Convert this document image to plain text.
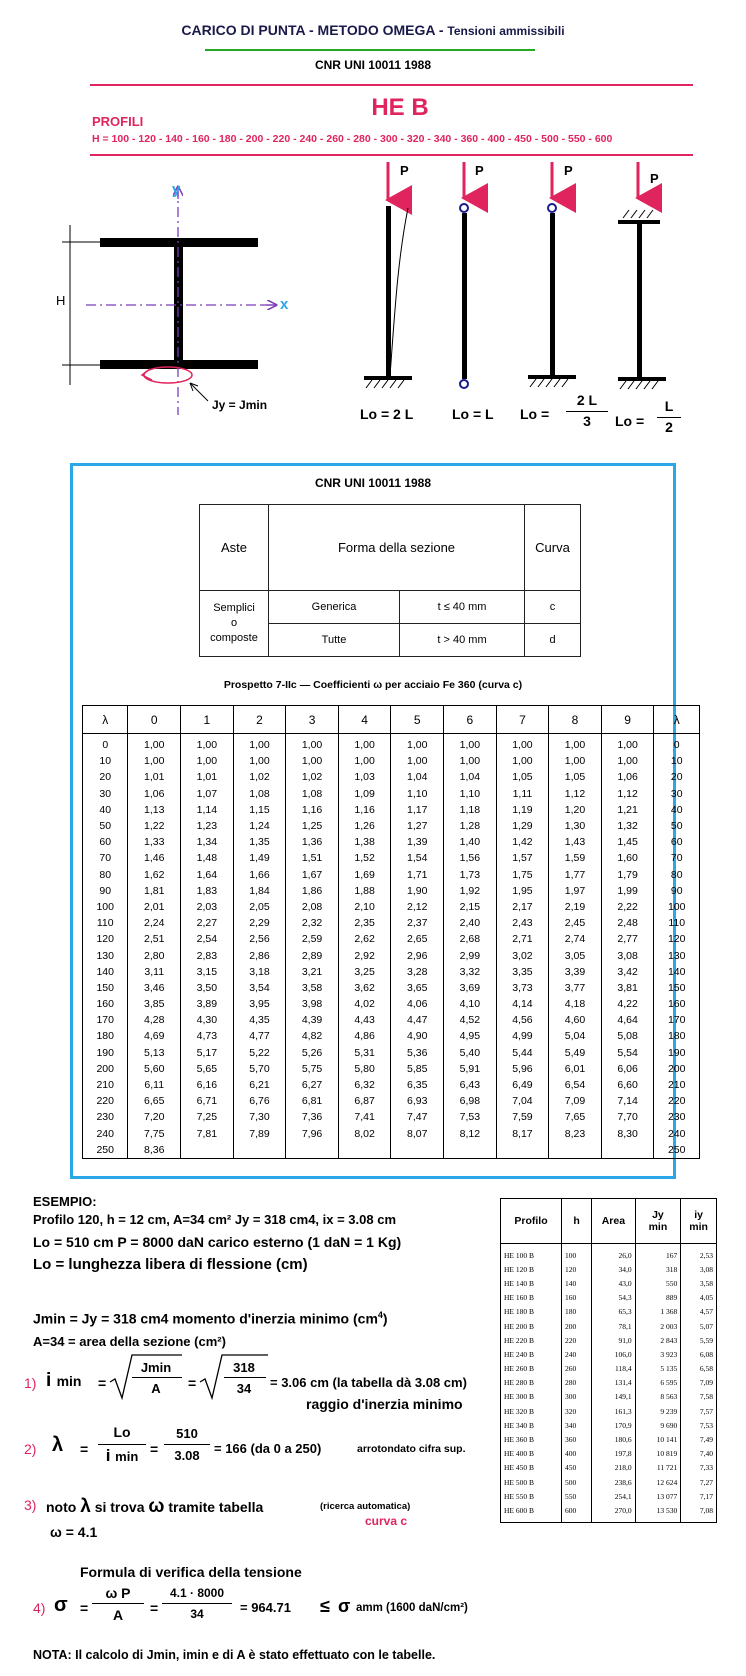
CARICO DI PUNTA - METODO OMEGA - Tensioni ammissibili
CNR UNI 10011 1988
HE B
PROFILI
H = 100 - 120 - 140 - 160 - 180 - 200 - 220 - 240 - 260 - 280 - 300 - 320 - 340 - 360 - 400 - 450 - 500 - 550 - 600
y
x
H
Jy = Jmin
P	P	P
P
Lo = 2 L	Lo = L Lo =
2 L
3	Lo =
L
2
CNR UNI 10011 1988
Aste	Forma della sezione		Curva
Semplici
o
composte	Generica	t ≤ 40 mm	c
	Tutte	t > 40 mm	d
Prospetto 7-IIc — Coefficienti ω per acciaio Fe 360 (curva c)
λ	0	1	2	3	4	5	6	7	8	9	λ
0	1,00	1,00	1,00	1,00	1,00	1,00	1,00	1,00	1,00	1,00	0
10	1,00	1,00	1,00	1,00	1,00	1,00	1,00	1,00	1,00	1,00	10
20	1,01	1,01	1,02	1,02	1,03	1,04	1,04	1,05	1,05	1,06	20
30	1,06	1,07	1,08	1,08	1,09	1,10	1,10	1,11	1,12	1,12	30
40	1,13	1,14	1,15	1,16	1,16	1,17	1,18	1,19	1,20	1,21	40
50	1,22	1,23	1,24	1,25	1,26	1,27	1,28	1,29	1,30	1,32	50
60	1,33	1,34	1,35	1,36	1,38	1,39	1,40	1,42	1,43	1,45	60
70	1,46	1,48	1,49	1,51	1,52	1,54	1,56	1,57	1,59	1,60	70
80	1,62	1,64	1,66	1,67	1,69	1,71	1,73	1,75	1,77	1,79	80
90	1,81	1,83	1,84	1,86	1,88	1,90	1,92	1,95	1,97	1,99	90
100	2,01	2,03	2,05	2,08	2,10	2,12	2,15	2,17	2,19	2,22	100
110	2,24	2,27	2,29	2,32	2,35	2,37	2,40	2,43	2,45	2,48	110
120	2,51	2,54	2,56	2,59	2,62	2,65	2,68	2,71	2,74	2,77	120
130	2,80	2,83	2,86	2,89	2,92	2,96	2,99	3,02	3,05	3,08	130
140	3,11	3,15	3,18	3,21	3,25	3,28	3,32	3,35	3,39	3,42	140
150	3,46	3,50	3,54	3,58	3,62	3,65	3,69	3,73	3,77	3,81	150
160	3,85	3,89	3,95	3,98	4,02	4,06	4,10	4,14	4,18	4,22	160
170	4,28	4,30	4,35	4,39	4,43	4,47	4,52	4,56	4,60	4,64	170
180	4,69	4,73	4,77	4,82	4,86	4,90	4,95	4,99	5,04	5,08	180
190	5,13	5,17	5,22	5,26	5,31	5,36	5,40	5,44	5,49	5,54	190
200	5,60	5,65	5,70	5,75	5,80	5,85	5,91	5,96	6,01	6,06	200
210	6,11	6,16	6,21	6,27	6,32	6,35	6,43	6,49	6,54	6,60	210
220	6,65	6,71	6,76	6,81	6,87	6,93	6,98	7,04	7,09	7,14	220
230	7,20	7,25	7,30	7,36	7,41	7,47	7,53	7,59	7,65	7,70	230
240	7,75	7,81	7,89	7,96	8,02	8,07	8,12	8,17	8,23	8,30	240
250	8,36										250
ESEMPIO:
Profilo 120, h = 12 cm, A=34 cm² Jy = 318 cm4, ix = 3.08 cm
Lo = 510 cm P = 8000 daN carico esterno (1 daN = 1 Kg)
Lo = lunghezza libera di flessione (cm)
Jmin = Jy = 318 cm4 momento d'inerzia minimo $(cm^4)$
A=34 = area della sezione (cm²)
1) i min =
Jmin
A	=
318
34	= 3.06 cm (la tabella dà 3.08 cm)
raggio d'inerzia minimo
2) λ =
Lo
i min =
510
3.08	= 166 (da 0 a 250)	arrotondato cifra sup.
3) noto λ si trova ω tramite tabella	(ricerca automatica)
curva c
ω = 4.1
Formula di verifica della tensione
4) σ =
ω P
A	=
4.1 · 8000
34	= 964.71 ≤ σ amm (1600 daN/cm²)
NOTA: Il calcolo di Jmin, imin e di A è stato effettuato con le tabelle.
Profilo	h	Area	Jy
min	iy
min
HE 100 B	100	26,0	167	2,53
HE 120 B	120	34,0	318	3,08
HE 140 B	140	43,0	550	3,58
HE 160 B	160	54,3	889	4,05
HE 180 B	180	65,3	1 368	4,57
HE 200 B	200	78,1	2 003	5,07
HE 220 B	220	91,0	2 843	5,59
HE 240 B	240	106,0	3 923	6,08
HE 260 B	260	118,4	5 135	6,58
HE 280 B	280	131,4	6 595	7,09
HE 300 B	300	149,1	8 563	7,58
HE 320 B	320	161,3	9 239	7,57
HE 340 B	340	170,9	9 690	7,53
HE 360 B	360	180,6	10 141	7,49
HE 400 B	400	197,8	10 819	7,40
HE 450 B	450	218,0	11 721	7,33
HE 500 B	500	238,6	12 624	7,27
HE 550 B	550	254,1	13 077	7,17
HE 600 B	600	270,0	13 530	7,08
